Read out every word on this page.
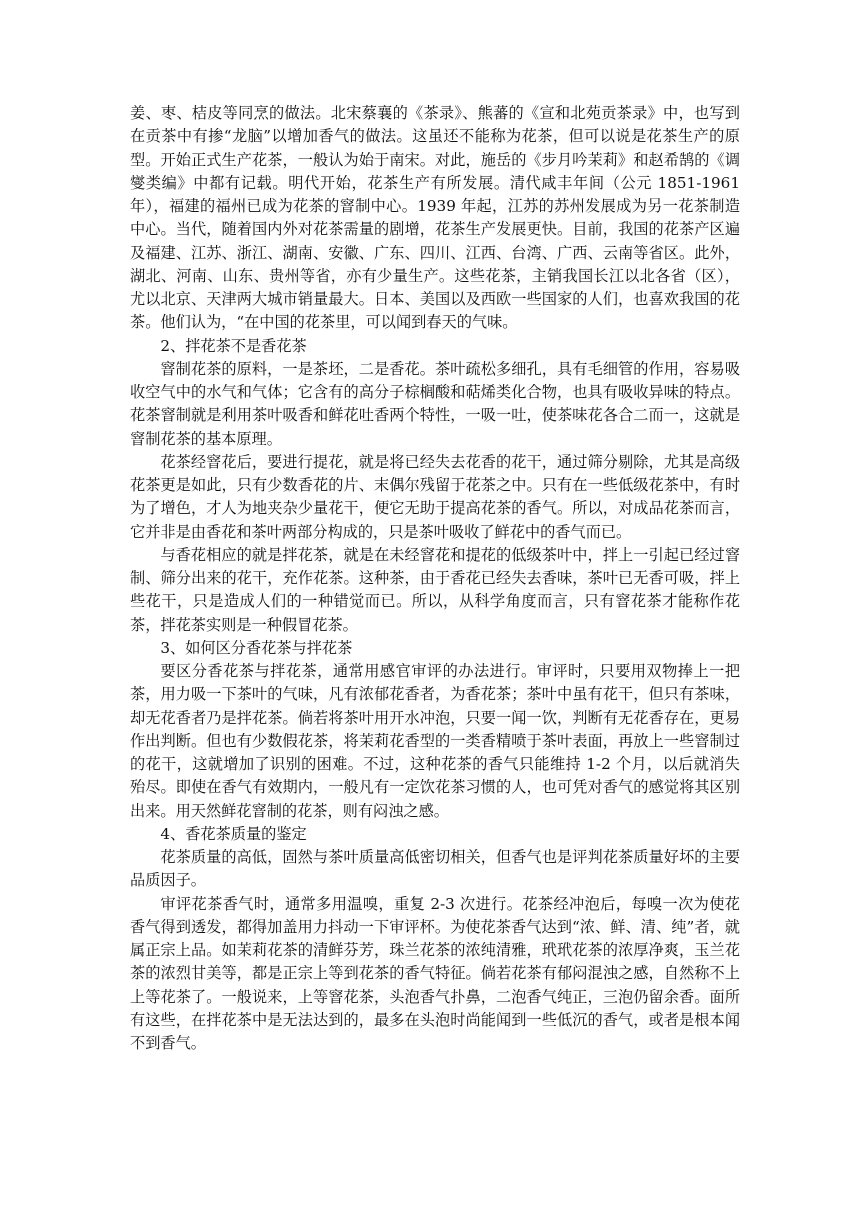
姜、枣、桔皮等同烹的做法。北宋蔡襄的《茶录》、熊蕃的《宣和北苑贡茶录》中，也写到在贡茶中有掺“龙脑”以增加香气的做法。这虽还不能称为花茶，但可以说是花茶生产的原型。开始正式生产花茶，一般认为始于南宋。对此，施岳的《步月吟茉莉》和赵希鹄的《调燮类编》中都有记载。明代开始，花茶生产有所发展。清代咸丰年间（公元 1851-1961 年），福建的福州已成为花茶的窨制中心。1939 年起，江苏的苏州发展成为另一花茶制造中心。当代，随着国内外对花茶需量的剧增，花茶生产发展更快。目前，我国的花茶产区遍及福建、江苏、浙江、湖南、安徽、广东、四川、江西、台湾、广西、云南等省区。此外，湖北、河南、山东、贵州等省，亦有少量生产。这些花茶，主销我国长江以北各省（区），尤以北京、天津两大城市销量最大。日本、美国以及西欧一些国家的人们，也喜欢我国的花茶。他们认为，“在中国的花茶里，可以闻到春天的气味。

2、拌花茶不是香花茶

窨制花茶的原料，一是茶坯，二是香花。茶叶疏松多细孔，具有毛细管的作用，容易吸收空气中的水气和气体；它含有的高分子棕榈酸和萜烯类化合物，也具有吸收异味的特点。花茶窨制就是利用茶叶吸香和鲜花吐香两个特性，一吸一吐，使茶味花各合二而一，这就是窨制花茶的基本原理。

花茶经窨花后，要进行提花，就是将已经失去花香的花干，通过筛分剔除，尤其是高级花茶更是如此，只有少数香花的片、末偶尔残留于花茶之中。只有在一些低级花茶中，有时为了增色，才人为地夹杂少量花干，便它无助于提高花茶的香气。所以，对成品花茶而言，它并非是由香花和茶叶两部分构成的，只是茶叶吸收了鲜花中的香气而已。

与香花相应的就是拌花茶，就是在未经窨花和提花的低级茶叶中，拌上一引起已经过窨制、筛分出来的花干，充作花茶。这种茶，由于香花已经失去香味，茶叶已无香可吸，拌上些花干，只是造成人们的一种错觉而已。所以，从科学角度而言，只有窨花茶才能称作花茶，拌花茶实则是一种假冒花茶。

3、如何区分香花茶与拌花茶

要区分香花茶与拌花茶，通常用感官审评的办法进行。审评时，只要用双物捧上一把茶，用力吸一下茶叶的气味，凡有浓郁花香者，为香花茶；茶叶中虽有花干，但只有茶味，却无花香者乃是拌花茶。倘若将茶叶用开水冲泡，只要一闻一饮，判断有无花香存在，更易作出判断。但也有少数假花茶，将茉莉花香型的一类香精喷于茶叶表面，再放上一些窨制过的花干，这就增加了识别的困难。不过，这种花茶的香气只能维持 1-2 个月，以后就消失殆尽。即使在香气有效期内，一般凡有一定饮花茶习惯的人，也可凭对香气的感觉将其区别出来。用天然鲜花窨制的花茶，则有闷浊之感。

4、香花茶质量的鉴定

花茶质量的高低，固然与茶叶质量高低密切相关，但香气也是评判花茶质量好坏的主要品质因子。

审评花茶香气时，通常多用温嗅，重复 2-3 次进行。花茶经冲泡后，每嗅一次为使花香气得到透发，都得加盖用力抖动一下审评杯。为使花茶香气达到“浓、鲜、清、纯”者，就属正宗上品。如茉莉花茶的清鲜芬芳，珠兰花茶的浓纯清雅，玳玳花茶的浓厚净爽，玉兰花茶的浓烈甘美等，都是正宗上等到花茶的香气特征。倘若花茶有郁闷混浊之感，自然称不上上等花茶了。一般说来，上等窨花茶，头泡香气扑鼻，二泡香气纯正，三泡仍留余香。面所有这些，在拌花茶中是无法达到的，最多在头泡时尚能闻到一些低沉的香气，或者是根本闻不到香气。
